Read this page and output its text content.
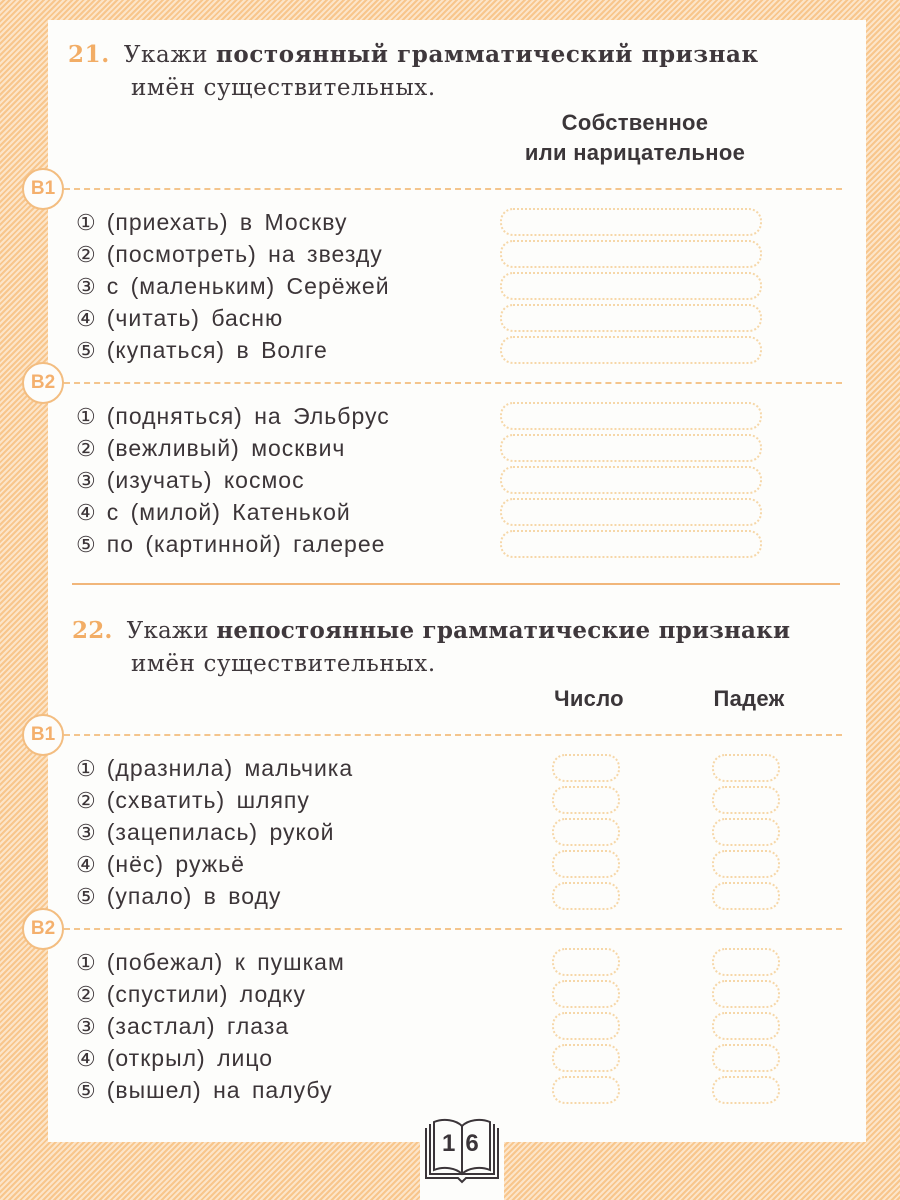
21. Укажи постоянный грамматический признак
имён существительных.
Собственное
или нарицательное
В1
① (приехать) в Москву
② (посмотреть) на звезду
③ с (маленьким) Серёжей
④ (читать) басню
⑤ (купаться) в Волге
В2
① (подняться) на Эльбрус
② (вежливый) москвич
③ (изучать) космос
④ с (милой) Катенькой
⑤ по (картинной) галерее
22. Укажи непостоянные грамматические признаки
имён существительных.
Число	Падеж
В1
① (дразнила) мальчика
② (схватить) шляпу
③ (зацепилась) рукой
④ (нёс) ружьё
⑤ (упало) в воду
В2
① (побежал) к пушкам
② (спустили) лодку
③ (застлал) глаза
④ (открыл) лицо
⑤ (вышел) на палубу
16
